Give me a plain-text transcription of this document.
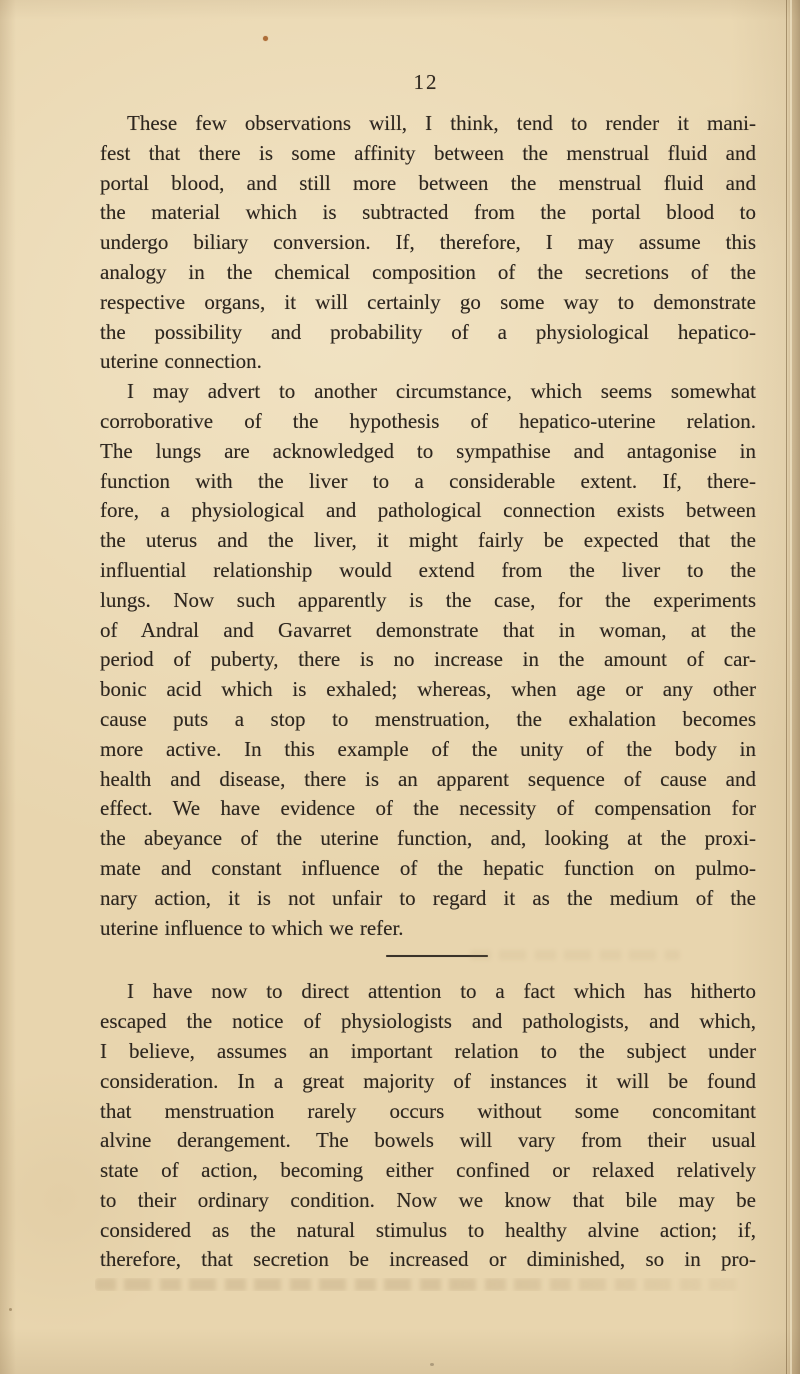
12
These few observations will, I think, tend to render it mani-
fest that there is some affinity between the menstrual fluid and
portal blood, and still more between the menstrual fluid and
the material which is subtracted from the portal blood to
undergo biliary conversion. If, therefore, I may assume this
analogy in the chemical composition of the secretions of the
respective organs, it will certainly go some way to demonstrate
the possibility and probability of a physiological hepatico-
uterine connection.
I may advert to another circumstance, which seems somewhat
corroborative of the hypothesis of hepatico-uterine relation.
The lungs are acknowledged to sympathise and antagonise in
function with the liver to a considerable extent. If, there-
fore, a physiological and pathological connection exists between
the uterus and the liver, it might fairly be expected that the
influential relationship would extend from the liver to the
lungs. Now such apparently is the case, for the experiments
of Andral and Gavarret demonstrate that in woman, at the
period of puberty, there is no increase in the amount of car-
bonic acid which is exhaled; whereas, when age or any other
cause puts a stop to menstruation, the exhalation becomes
more active. In this example of the unity of the body in
health and disease, there is an apparent sequence of cause and
effect. We have evidence of the necessity of compensation for
the abeyance of the uterine function, and, looking at the proxi-
mate and constant influence of the hepatic function on pulmo-
nary action, it is not unfair to regard it as the medium of the
uterine influence to which we refer.
I have now to direct attention to a fact which has hitherto
escaped the notice of physiologists and pathologists, and which,
I believe, assumes an important relation to the subject under
consideration. In a great majority of instances it will be found
that menstruation rarely occurs without some concomitant
alvine derangement. The bowels will vary from their usual
state of action, becoming either confined or relaxed relatively
to their ordinary condition. Now we know that bile may be
considered as the natural stimulus to healthy alvine action; if,
therefore, that secretion be increased or diminished, so in pro-
